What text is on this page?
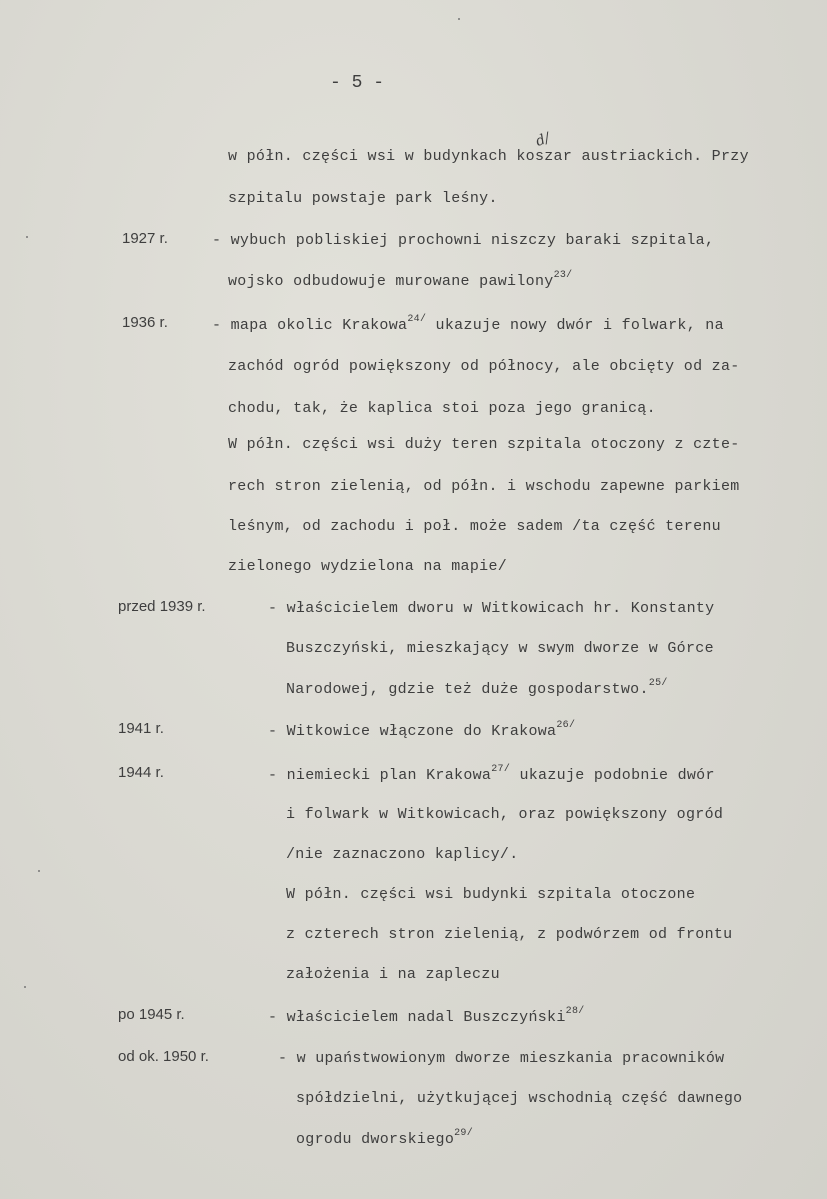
- 5 -
d/
w półn. części wsi w budynkach koszar austriackich. Przy
szpitalu powstaje park leśny.
1927 r.	- wybuch pobliskiej prochowni niszczy baraki szpitala,
wojsko odbudowuje murowane pawilony$^{23/}$
1936 r.	- mapa okolic Krakowa$^{24/}$ ukazuje nowy dwór i folwark, na
zachód ogród powiększony od północy, ale obcięty od za-
chodu, tak, że kaplica stoi poza jego granicą.
W półn. części wsi duży teren szpitala otoczony z czte-
rech stron zielenią, od półn. i wschodu zapewne parkiem
leśnym, od zachodu i poł. może sadem /ta część terenu
zielonego wydzielona na mapie/
przed 1939 r.	- właścicielem dworu w Witkowicach hr. Konstanty
Buszczyński, mieszkający w swym dworze w Górce
Narodowej, gdzie też duże gospodarstwo.$^{25/}$
1941 r.	- Witkowice włączone do Krakowa$^{26/}$
1944 r.	- niemiecki plan Krakowa$^{27/}$ ukazuje podobnie dwór
i folwark w Witkowicach, oraz powiększony ogród
/nie zaznaczono kaplicy/.
W półn. części wsi budynki szpitala otoczone
z czterech stron zielenią, z podwórzem od frontu
założenia i na zapleczu
po 1945 r.	- właścicielem nadal Buszczyński$^{28/}$
od ok. 1950 r.	- w upaństwowionym dworze mieszkania pracowników
spółdzielni, użytkującej wschodnią część dawnego
ogrodu dworskiego$^{29/}$
